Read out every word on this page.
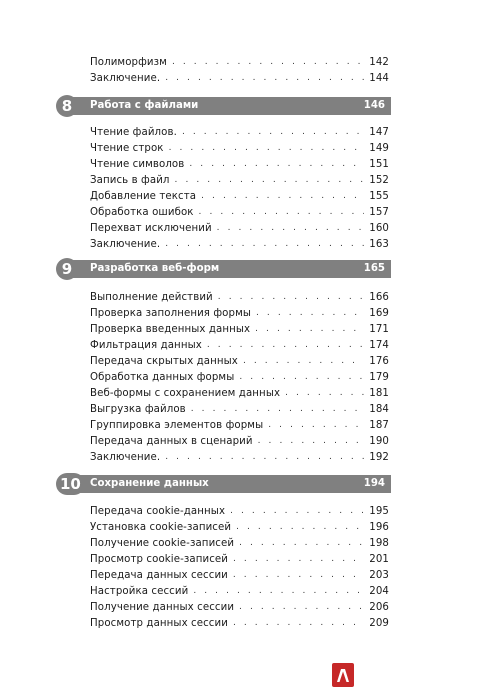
Полиморфизм . . .	142
Заключение. . . .	144
8	Работа с файлами	146
Чтение файлов. . . .	147
Чтение строк . . .	149
Чтение символов . . .	151
Запись в файл . . .	152
Добавление текста . . .	155
Обработка ошибок . . .	157
Перехват исключений . . .	160
Заключение. . . .	163
9	Разработка веб-форм	165
Выполнение действий . . .	166
Проверка заполнения формы . . .	169
Проверка введенных данных . . .	171
Фильтрация данных . . .	174
Передача скрытых данных . . .	176
Обработка данных формы . . .	179
Веб-формы с сохранением данных . . .	181
Выгрузка файлов . . .	184
Группировка элементов формы . . .	187
Передача данных в сценарий . . .	190
Заключение. . . .	192
10 Сохранение данных	194
Передача cookie-данных . . .	195
Установка cookie-записей . . .	196
Получение cookie-записей . . .	198
Просмотр cookie-записей . . .	201
Передача данных сессии . . .	203
Настройка сессий . . .	204
Получение данных сессии . . .	206
Просмотр данных сессии . . .	209
